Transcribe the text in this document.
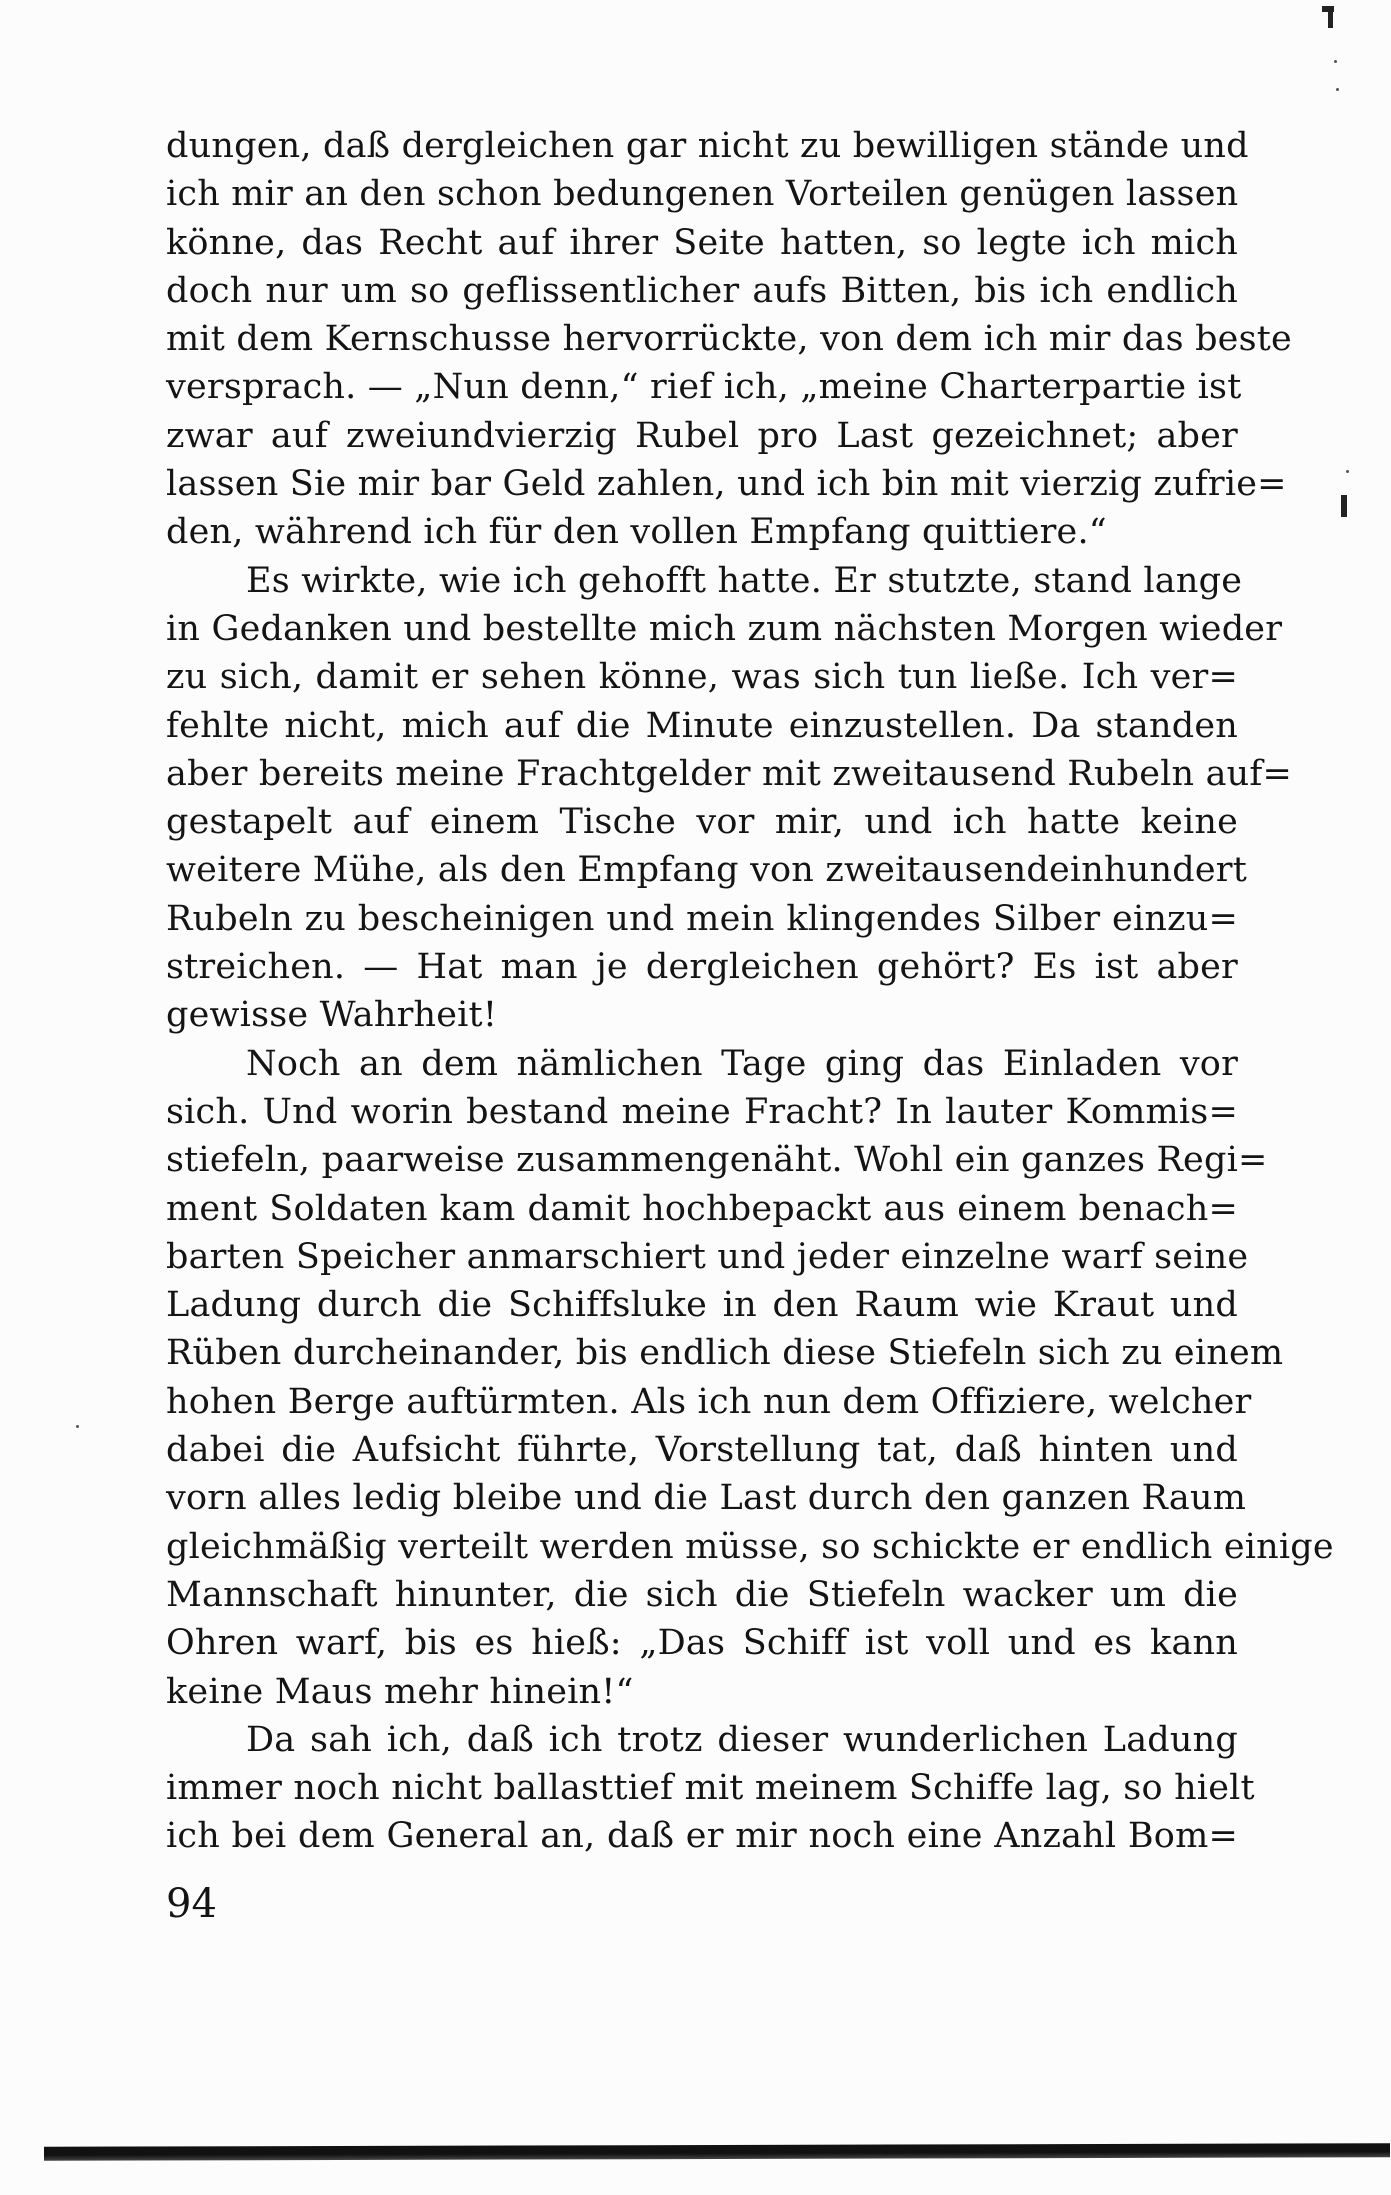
dungen, daß dergleichen gar nicht zu bewilligen stände und
ich mir an den schon bedungenen Vorteilen genügen lassen
könne, das Recht auf ihrer Seite hatten, so legte ich mich
doch nur um so geflissentlicher aufs Bitten, bis ich endlich
mit dem Kernschusse hervorrückte, von dem ich mir das beste
versprach. — „Nun denn,“ rief ich, „meine Charterpartie ist
zwar auf zweiundvierzig Rubel pro Last gezeichnet; aber
lassen Sie mir bar Geld zahlen, und ich bin mit vierzig zufrie=
den, während ich für den vollen Empfang quittiere.“
Es wirkte, wie ich gehofft hatte. Er stutzte, stand lange
in Gedanken und bestellte mich zum nächsten Morgen wieder
zu sich, damit er sehen könne, was sich tun ließe. Ich ver=
fehlte nicht, mich auf die Minute einzustellen. Da standen
aber bereits meine Frachtgelder mit zweitausend Rubeln auf=
gestapelt auf einem Tische vor mir, und ich hatte keine
weitere Mühe, als den Empfang von zweitausendeinhundert
Rubeln zu bescheinigen und mein klingendes Silber einzu=
streichen. — Hat man je dergleichen gehört? Es ist aber
gewisse Wahrheit!
Noch an dem nämlichen Tage ging das Einladen vor
sich. Und worin bestand meine Fracht? In lauter Kommis=
stiefeln, paarweise zusammengenäht. Wohl ein ganzes Regi=
ment Soldaten kam damit hochbepackt aus einem benach=
barten Speicher anmarschiert und jeder einzelne warf seine
Ladung durch die Schiffsluke in den Raum wie Kraut und
Rüben durcheinander, bis endlich diese Stiefeln sich zu einem
hohen Berge auftürmten. Als ich nun dem Offiziere, welcher
dabei die Aufsicht führte, Vorstellung tat, daß hinten und
vorn alles ledig bleibe und die Last durch den ganzen Raum
gleichmäßig verteilt werden müsse, so schickte er endlich einige
Mannschaft hinunter, die sich die Stiefeln wacker um die
Ohren warf, bis es hieß: „Das Schiff ist voll und es kann
keine Maus mehr hinein!“
Da sah ich, daß ich trotz dieser wunderlichen Ladung
immer noch nicht ballasttief mit meinem Schiffe lag, so hielt
ich bei dem General an, daß er mir noch eine Anzahl Bom=
94
